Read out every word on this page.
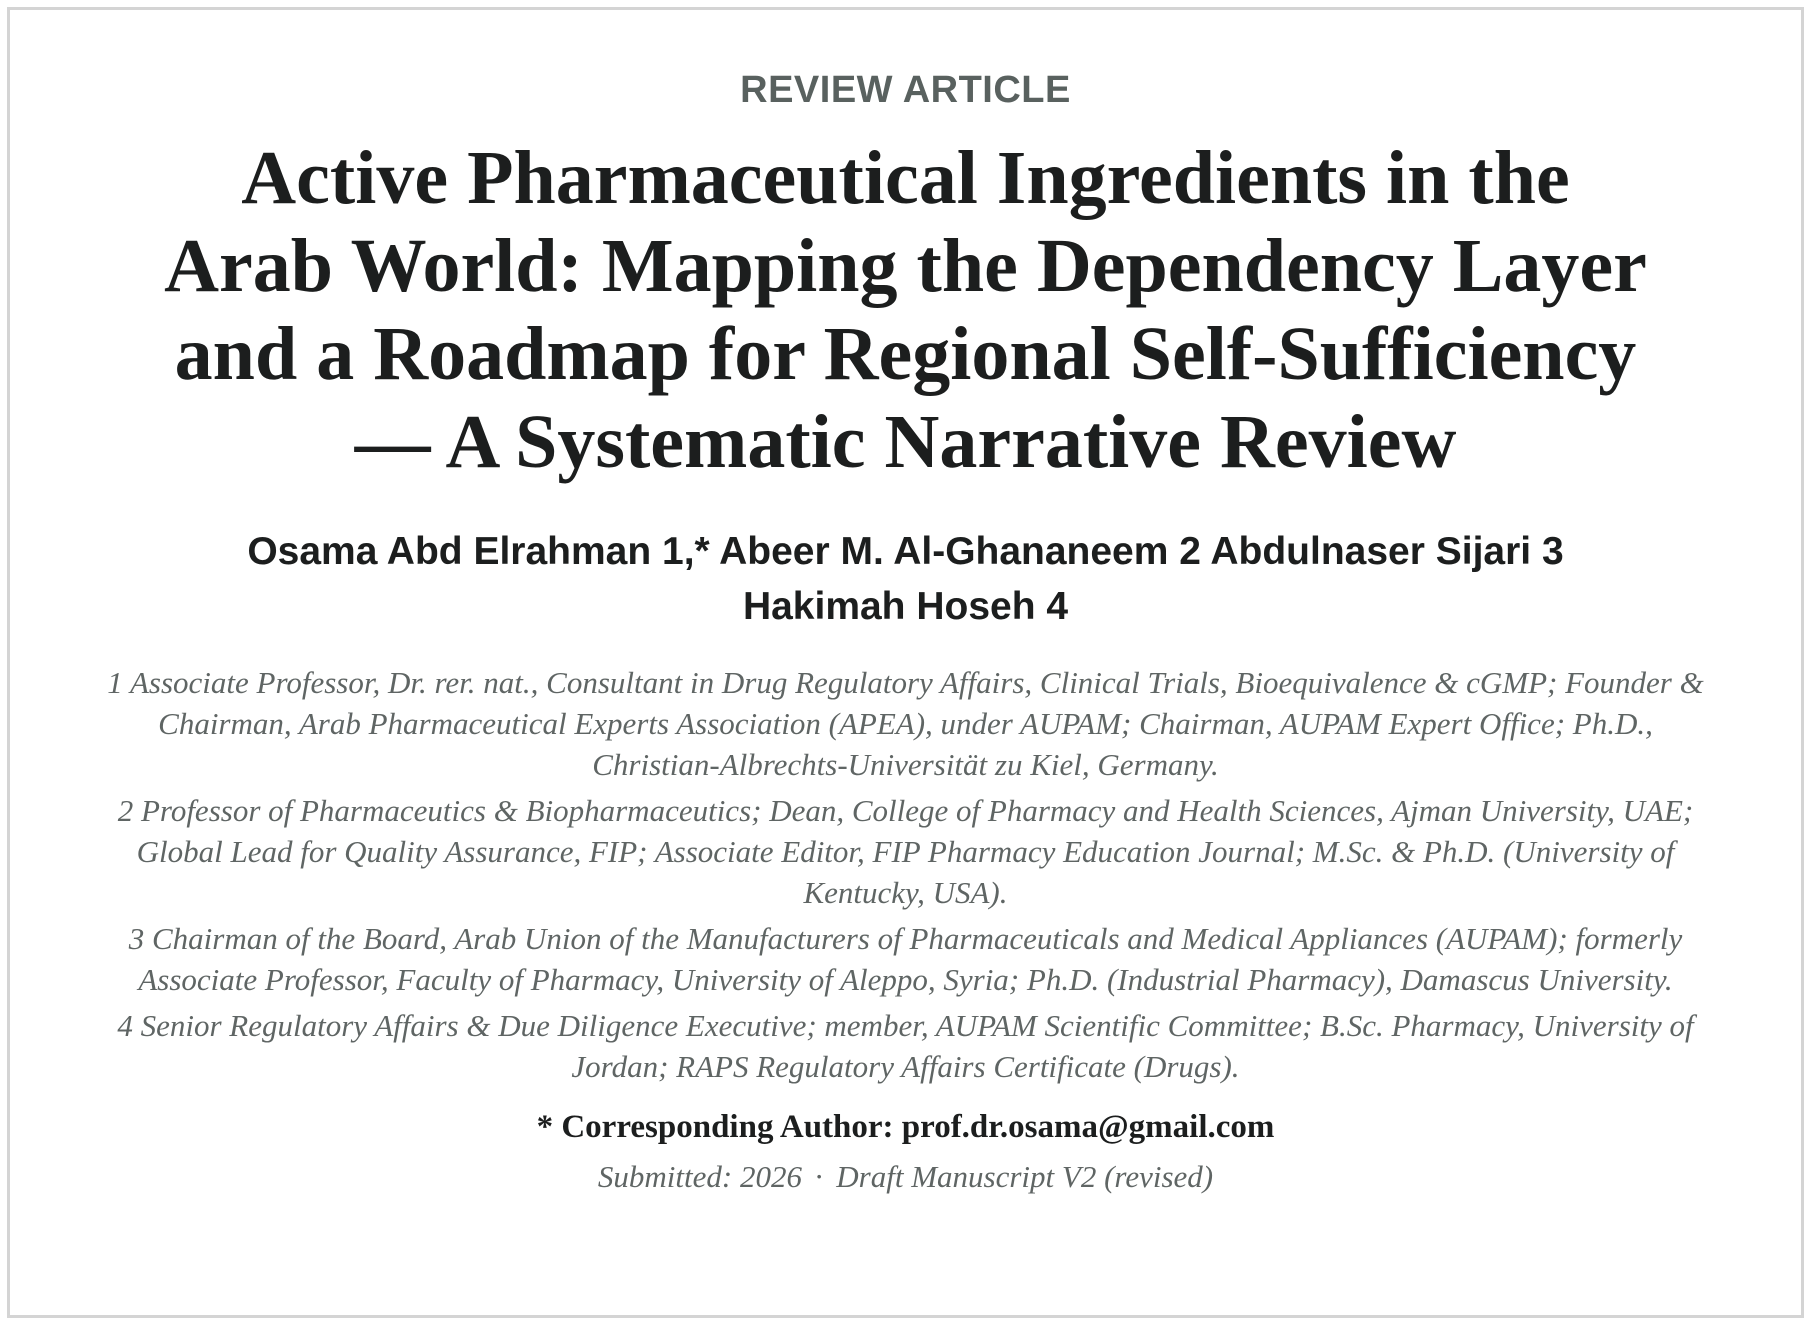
REVIEW ARTICLE

Active Pharmaceutical Ingredients in the Arab World: Mapping the Dependency Layer and a Roadmap for Regional Self-Sufficiency — A Systematic Narrative Review
Osama Abd Elrahman 1,* Abeer M. Al-Ghananeem 2 Abdulnaser Sijari 3 Hakimah Hoseh 4

1 Associate Professor, Dr. rer. nat., Consultant in Drug Regulatory Affairs, Clinical Trials, Bioequivalence & cGMP; Founder & Chairman, Arab Pharmaceutical Experts Association (APEA), under AUPAM; Chairman, AUPAM Expert Office; Ph.D., Christian-Albrechts-Universität zu Kiel, Germany.

2 Professor of Pharmaceutics & Biopharmaceutics; Dean, College of Pharmacy and Health Sciences, Ajman University, UAE; Global Lead for Quality Assurance, FIP; Associate Editor, FIP Pharmacy Education Journal; M.Sc. & Ph.D. (University of Kentucky, USA).

3 Chairman of the Board, Arab Union of the Manufacturers of Pharmaceuticals and Medical Appliances (AUPAM); formerly Associate Professor, Faculty of Pharmacy, University of Aleppo, Syria; Ph.D. (Industrial Pharmacy), Damascus University.

4 Senior Regulatory Affairs & Due Diligence Executive; member, AUPAM Scientific Committee; B.Sc. Pharmacy, University of Jordan; RAPS Regulatory Affairs Certificate (Drugs).

* Corresponding Author: prof.dr.osama@gmail.com
Submitted: 2026 · Draft Manuscript V2 (revised)
